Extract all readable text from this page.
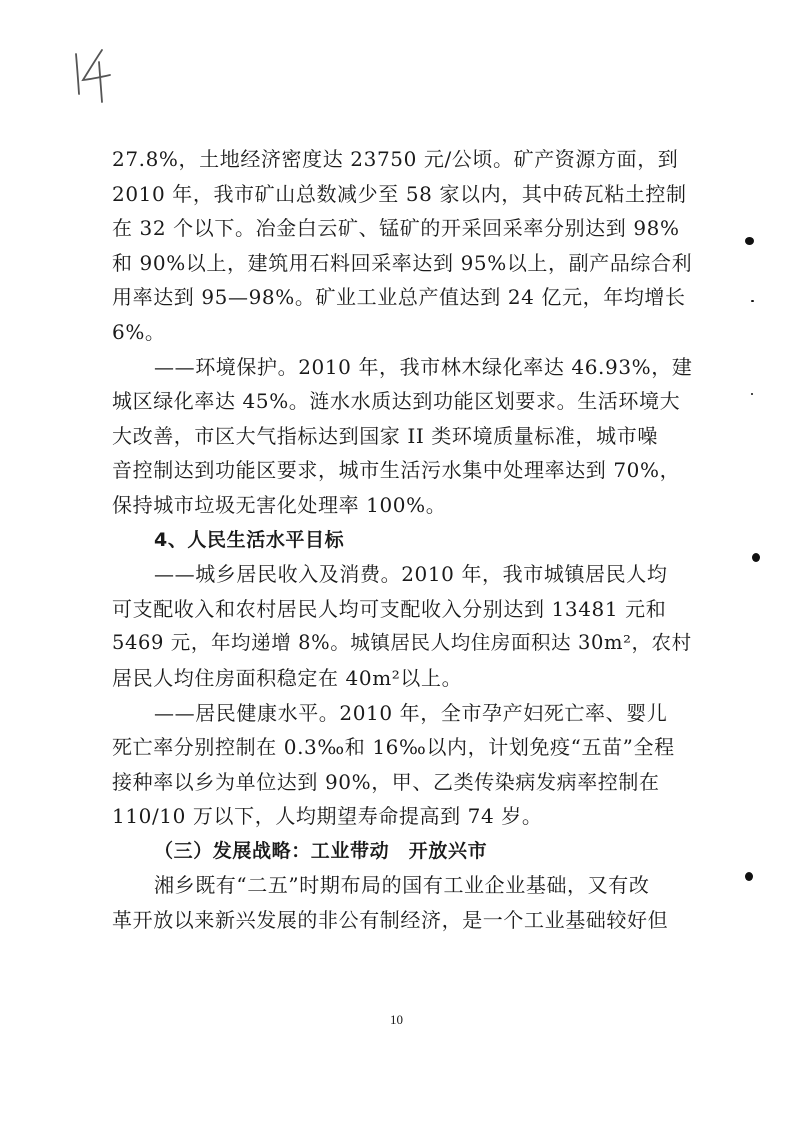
27.8%，土地经济密度达 23750 元/公顷。矿产资源方面，到
2010 年，我市矿山总数减少至 58 家以内，其中砖瓦粘土控制
在 32 个以下。冶金白云矿、锰矿的开采回采率分别达到 98%
和 90%以上，建筑用石料回采率达到 95%以上，副产品综合利
用率达到 95—98%。矿业工业总产值达到 24 亿元，年均增长
6%。
——环境保护。2010 年，我市林木绿化率达 46.93%，建
城区绿化率达 45%。涟水水质达到功能区划要求。生活环境大
大改善，市区大气指标达到国家 II 类环境质量标准，城市噪
音控制达到功能区要求，城市生活污水集中处理率达到 70%，
保持城市垃圾无害化处理率 100%。
4、人民生活水平目标
——城乡居民收入及消费。2010 年，我市城镇居民人均
可支配收入和农村居民人均可支配收入分别达到 13481 元和
5469 元，年均递增 8%。城镇居民人均住房面积达 30m²，农村
居民人均住房面积稳定在 40m²以上。
——居民健康水平。2010 年，全市孕产妇死亡率、婴儿
死亡率分别控制在 0.3‰和 16‰以内，计划免疫“五苗”全程
接种率以乡为单位达到 90%，甲、乙类传染病发病率控制在
110/10 万以下，人均期望寿命提高到 74 岁。
（三）发展战略：工业带动　开放兴市
湘乡既有“二五”时期布局的国有工业企业基础，又有改
革开放以来新兴发展的非公有制经济，是一个工业基础较好但
10
